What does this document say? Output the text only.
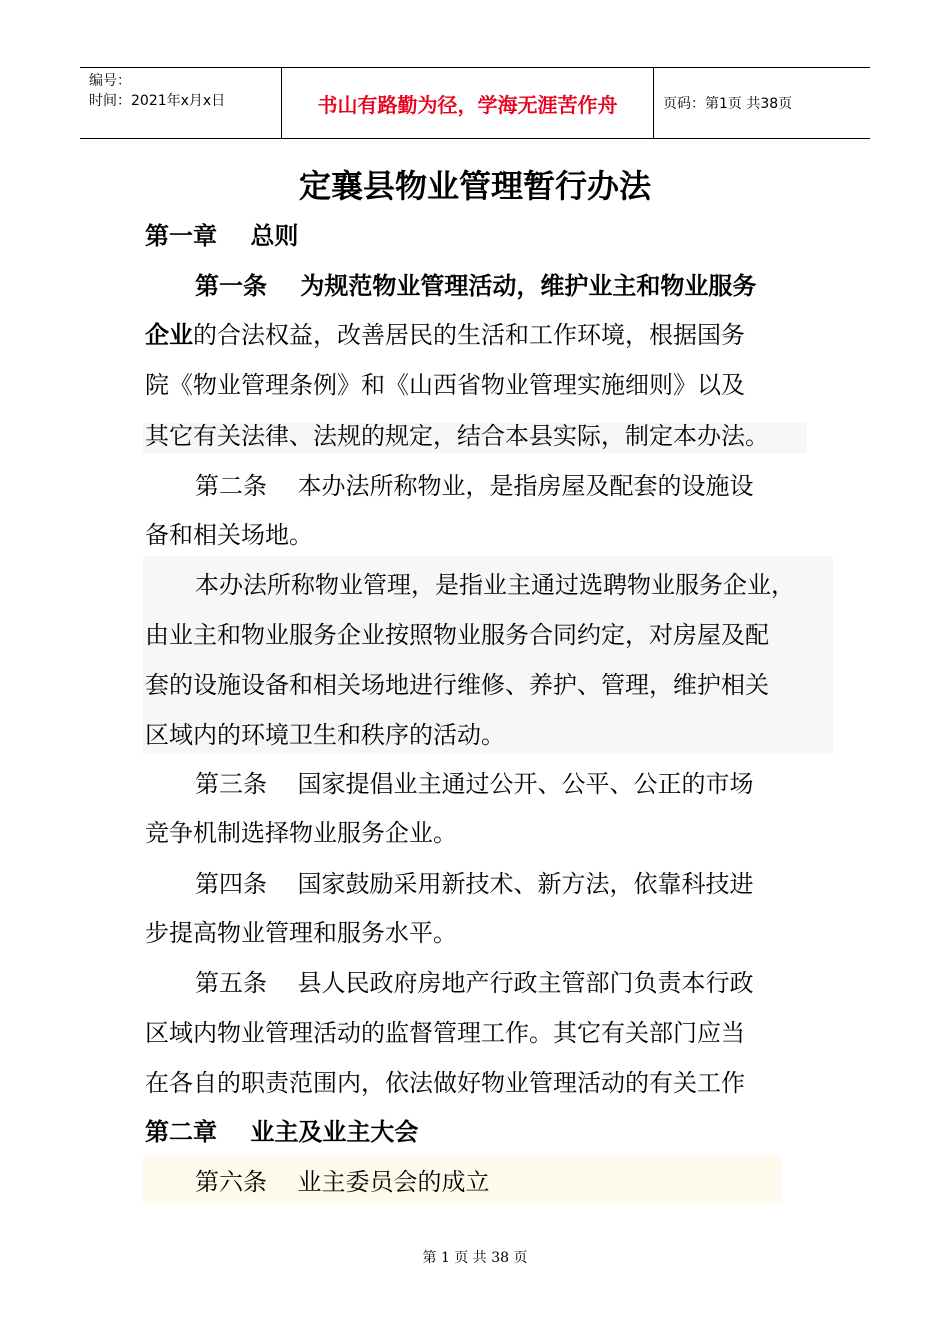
编号：
时间：2021年x月x日	书山有路勤为径，学海无涯苦作舟	页码：第1页 共38页
定襄县物业管理暂行办法
第一章    总则
第一条    为规范物业管理活动，维护业主和物业服务
企业的合法权益，改善居民的生活和工作环境，根据国务
院《物业管理条例》和《山西省物业管理实施细则》以及
其它有关法律、法规的规定，结合本县实际，制定本办法。
第二条    本办法所称物业，是指房屋及配套的设施设
备和相关场地。
本办法所称物业管理，是指业主通过选聘物业服务企业，
由业主和物业服务企业按照物业服务合同约定，对房屋及配
套的设施设备和相关场地进行维修、养护、管理，维护相关
区域内的环境卫生和秩序的活动。
第三条    国家提倡业主通过公开、公平、公正的市场
竞争机制选择物业服务企业。
第四条    国家鼓励采用新技术、新方法，依靠科技进
步提高物业管理和服务水平。
第五条    县人民政府房地产行政主管部门负责本行政
区域内物业管理活动的监督管理工作。其它有关部门应当
在各自的职责范围内，依法做好物业管理活动的有关工作
第二章    业主及业主大会
第六条    业主委员会的成立
第 1 页 共 38 页
